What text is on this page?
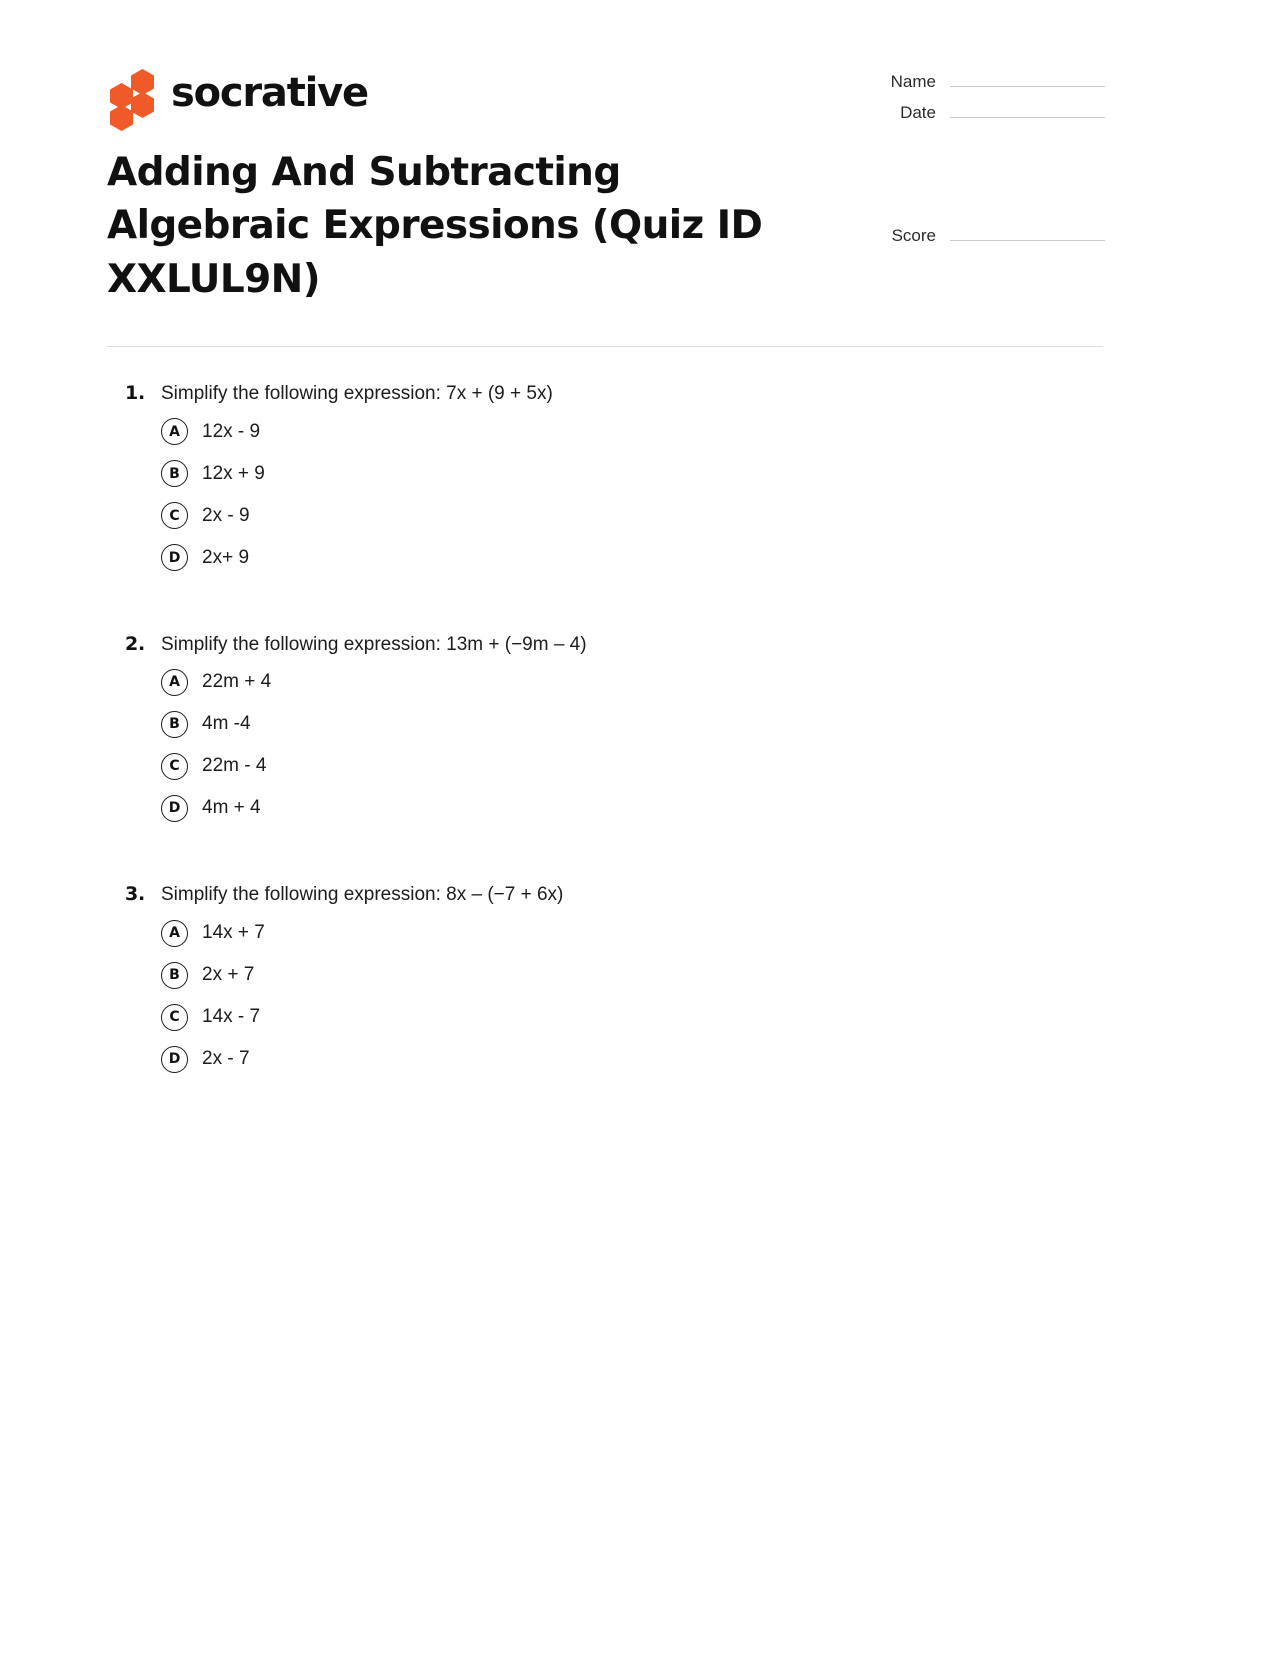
socrative	Name
Date
Score
Adding And Subtracting Algebraic Expressions (Quiz ID XXLUL9N)
1. Simplify the following expression: 7x + (9 + 5x)
A	12x - 9
B	12x + 9
C	2x - 9
D	2x+ 9
2. Simplify the following expression: 13m + (−9m – 4)
A	22m + 4
B	4m -4
C	22m - 4
D	4m + 4
3. Simplify the following expression: 8x – (−7 + 6x)
A	14x + 7
B	2x + 7
C	14x - 7
D	2x - 7
